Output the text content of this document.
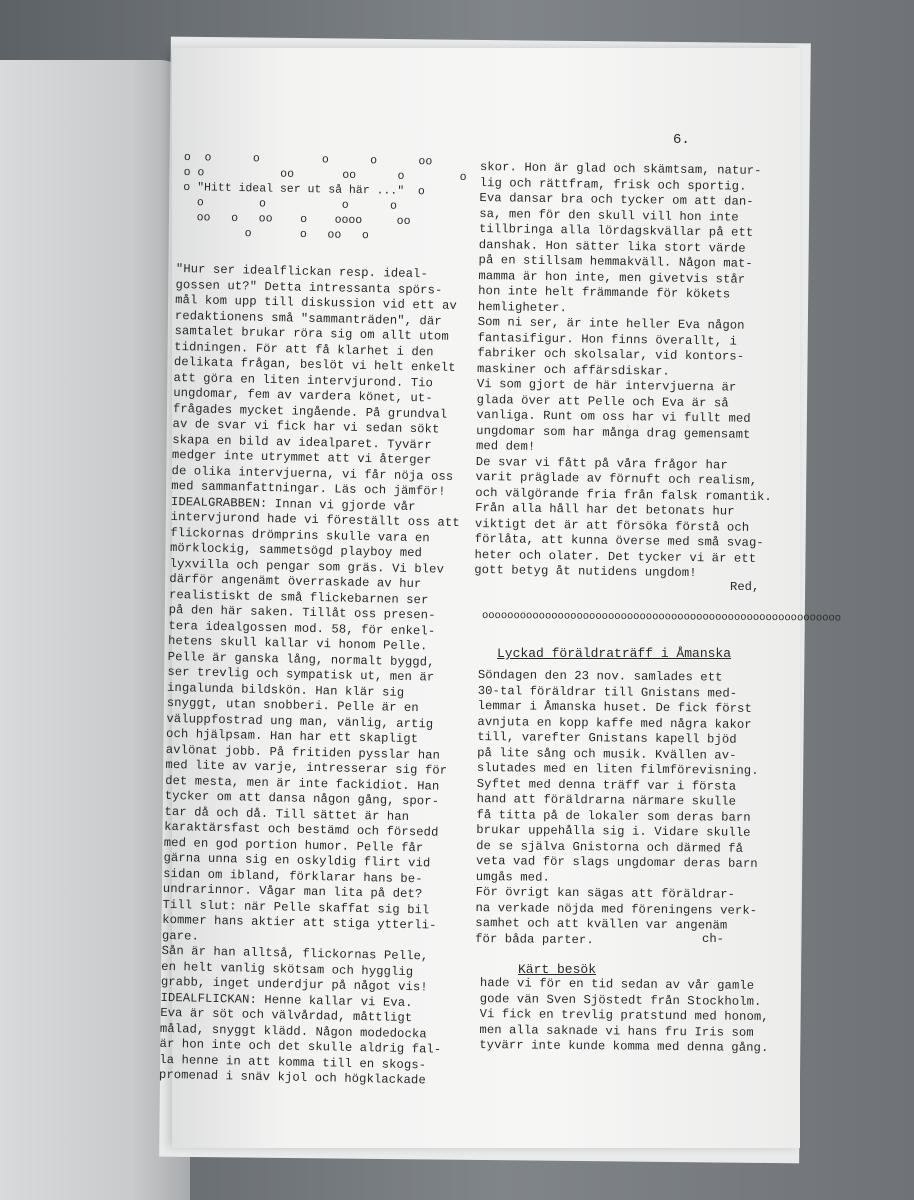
6.
o  o      o         o      o      oo
o o           oo       oo      o        o
o "Hitt ideal ser ut så här ..."  o
o        o           o      o
oo   o   oo    o    oooo     oo
o       o   oo   o
"Hur ser idealflickan resp. ideal-
gossen ut?" Detta intressanta spörs-
mål kom upp till diskussion vid ett av
redaktionens små "sammanträden", där
samtalet brukar röra sig om allt utom
tidningen. För att få klarhet i den
delikata frågan, beslöt vi helt enkelt
att göra en liten intervjurond. Tio
ungdomar, fem av vardera könet, ut-
frågades mycket ingående. På grundval
av de svar vi fick har vi sedan sökt
skapa en bild av idealparet. Tyvärr
medger inte utrymmet att vi återger
de olika intervjuerna, vi får nöja oss
med sammanfattningar. Läs och jämför!
IDEALGRABBEN: Innan vi gjorde vår
intervjurond hade vi föreställt oss att
flickornas drömprins skulle vara en
mörklockig, sammetsögd playboy med
lyxvilla och pengar som gräs. Vi blev
därför angenämt överraskade av hur
realistiskt de små flickebarnen ser
på den här saken. Tillåt oss presen-
tera idealgossen mod. 58, för enkel-
hetens skull kallar vi honom Pelle.
Pelle är ganska lång, normalt byggd,
ser trevlig och sympatisk ut, men är
ingalunda bildskön. Han klär sig
snyggt, utan snobberi. Pelle är en
väluppfostrad ung man, vänlig, artig
och hjälpsam. Han har ett skapligt
avlönat jobb. På fritiden pysslar han
med lite av varje, intresserar sig för
det mesta, men är inte fackidiot. Han
tycker om att dansa någon gång, spor-
tar då och då. Till sättet är han
karaktärsfast och bestämd och försedd
med en god portion humor. Pelle får
gärna unna sig en oskyldig flirt vid
sidan om ibland, förklarar hans be-
undrarinnor. Vågar man lita på det?
Till slut: när Pelle skaffat sig bil
kommer hans aktier att stiga ytterli-
gare.
Sån är han alltså, flickornas Pelle,
en helt vanlig skötsam och hygglig
grabb, inget underdjur på något vis!
IDEALFLICKAN: Henne kallar vi Eva.
Eva är söt och välvårdad, måttligt
målad, snyggt klädd. Någon modedocka
är hon inte och det skulle aldrig fal-
la henne in att komma till en skogs-
promenad i snäv kjol och högklackade
skor. Hon är glad och skämtsam, natur-
lig och rättfram, frisk och sportig.
Eva dansar bra och tycker om att dan-
sa, men för den skull vill hon inte
tillbringa alla lördagskvällar på ett
danshak. Hon sätter lika stort värde
på en stillsam hemmakväll. Någon mat-
mamma är hon inte, men givetvis står
hon inte helt främmande för kökets
hemligheter.
Som ni ser, är inte heller Eva någon
fantasifigur. Hon finns överallt, i
fabriker och skolsalar, vid kontors-
maskiner och affärsdiskar.
Vi som gjort de här intervjuerna är
glada över att Pelle och Eva är så
vanliga. Runt om oss har vi fullt med
ungdomar som har många drag gemensamt
med dem!
De svar vi fått på våra frågor har
varit präglade av förnuft och realism,
och välgörande fria från falsk romantik.
Från alla håll har det betonats hur
viktigt det är att försöka förstå och
förlåta, att kunna överse med små svag-
heter och olater. Det tycker vi är ett
gott betyg åt nutidens ungdom!
Red,
ooooooooooooooooooooooooooooooooooooooooooooooooooooooooo
Lyckad föräldraträff i Åmanska
Söndagen den 23 nov. samlades ett
30-tal föräldrar till Gnistans med-
lemmar i Åmanska huset. De fick först
avnjuta en kopp kaffe med några kakor
till, varefter Gnistans kapell bjöd
på lite sång och musik. Kvällen av-
slutades med en liten filmförevisning.
Syftet med denna träff var i första
hand att föräldrarna närmare skulle
få titta på de lokaler som deras barn
brukar uppehålla sig i. Vidare skulle
de se själva Gnistorna och därmed få
veta vad för slags ungdomar deras barn
umgås med.
För övrigt kan sägas att föräldrar-
na verkade nöjda med föreningens verk-
samhet och att kvällen var angenäm
för båda parter.	ch-
Kärt besök
hade vi för en tid sedan av vår gamle
gode vän Sven Sjöstedt från Stockholm.
Vi fick en trevlig pratstund med honom,
men alla saknade vi hans fru Iris som
tyvärr inte kunde komma med denna gång.
